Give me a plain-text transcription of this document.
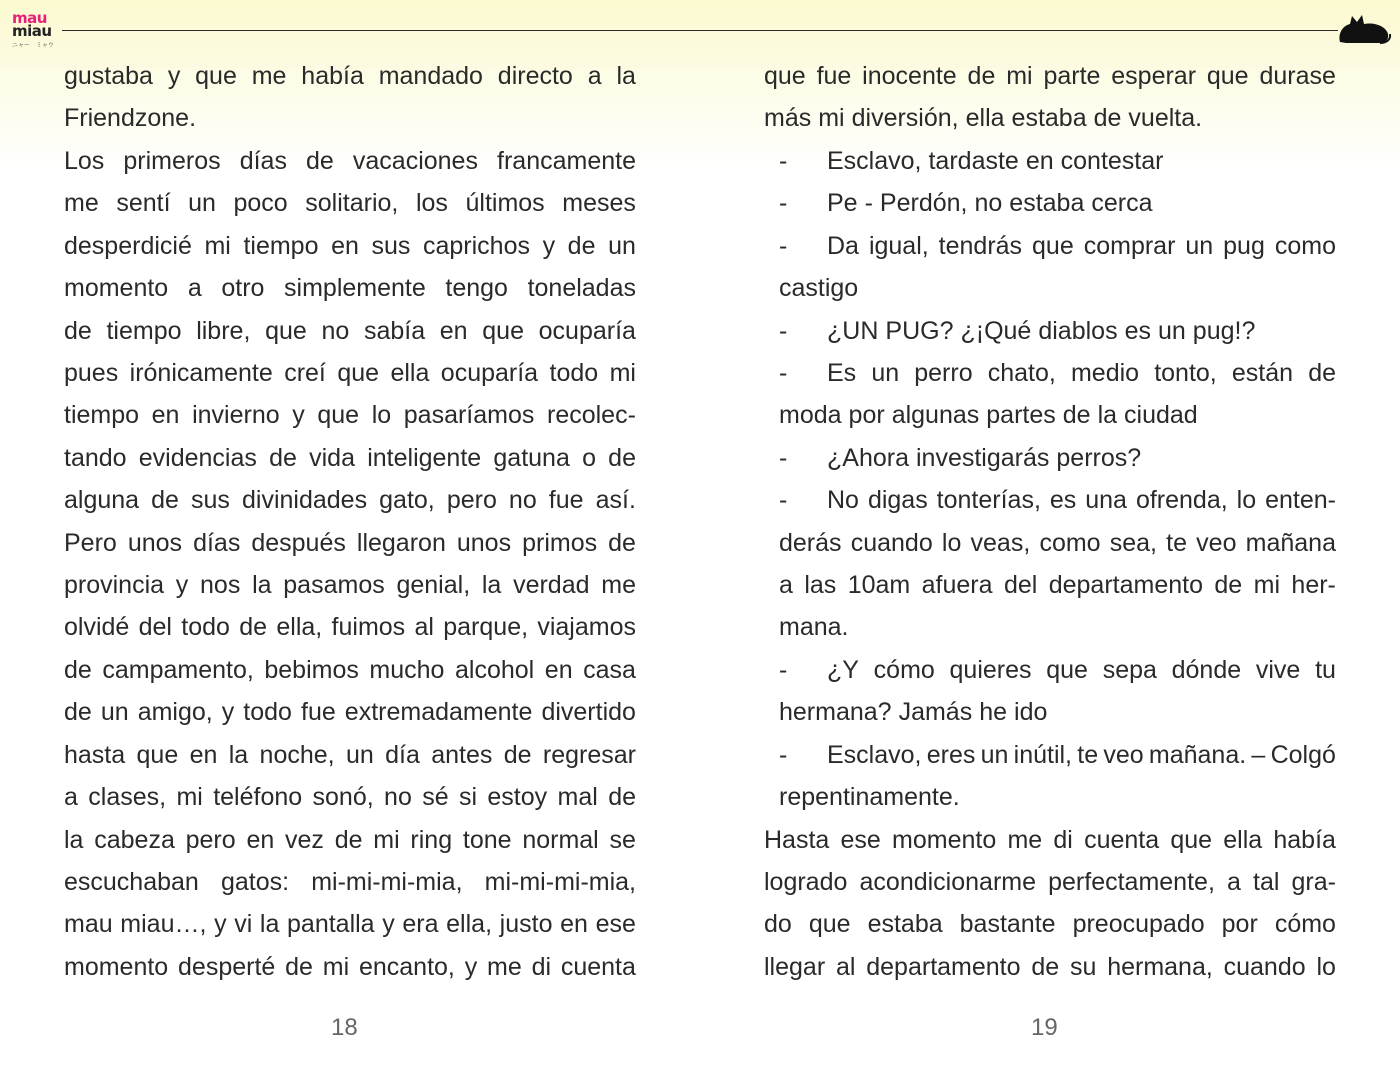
mau
miau
ニャー　ミャウ
gustaba y que me había mandado directo a la
Friendzone.
Los primeros días de vacaciones francamente
me sentí un poco solitario, los últimos meses
desperdicié mi tiempo en sus caprichos y de un
momento a otro simplemente tengo toneladas
de tiempo libre, que no sabía en que ocuparía
pues irónicamente creí que ella ocuparía todo mi
tiempo en invierno y que lo pasaríamos recolec-
tando evidencias de vida inteligente gatuna o de
alguna de sus divinidades gato, pero no fue así.
Pero unos días después llegaron unos primos de
provincia y nos la pasamos genial, la verdad me
olvidé del todo de ella, fuimos al parque, viajamos
de campamento, bebimos mucho alcohol en casa
de un amigo, y todo fue extremadamente divertido
hasta que en la noche, un día antes de regresar
a clases, mi teléfono sonó, no sé si estoy mal de
la cabeza pero en vez de mi ring tone normal se
escuchaban gatos: mi-mi-mi-mia, mi-mi-mi-mia,
mau miau…, y vi la pantalla y era ella, justo en ese
momento desperté de mi encanto, y me di cuenta
que fue inocente de mi parte esperar que durase
más mi diversión, ella estaba de vuelta.
-	Esclavo, tardaste en contestar
-	Pe - Perdón, no estaba cerca
-	Da igual, tendrás que comprar un pug como
castigo
-	¿UN PUG? ¿¡Qué diablos es un pug!?
-	Es un perro chato, medio tonto, están de
moda por algunas partes de la ciudad
-	¿Ahora investigarás perros?
-	No digas tonterías, es una ofrenda, lo enten-
derás cuando lo veas, como sea, te veo mañana
a las 10am afuera del departamento de mi her-
mana.
-	¿Y cómo quieres que sepa dónde vive tu
hermana? Jamás he ido
-	Esclavo, eres un inútil, te veo mañana. – Colgó
repentinamente.
Hasta ese momento me di cuenta que ella había
logrado acondicionarme perfectamente, a tal gra-
do que estaba bastante preocupado por cómo
llegar al departamento de su hermana, cuando lo
18	19
